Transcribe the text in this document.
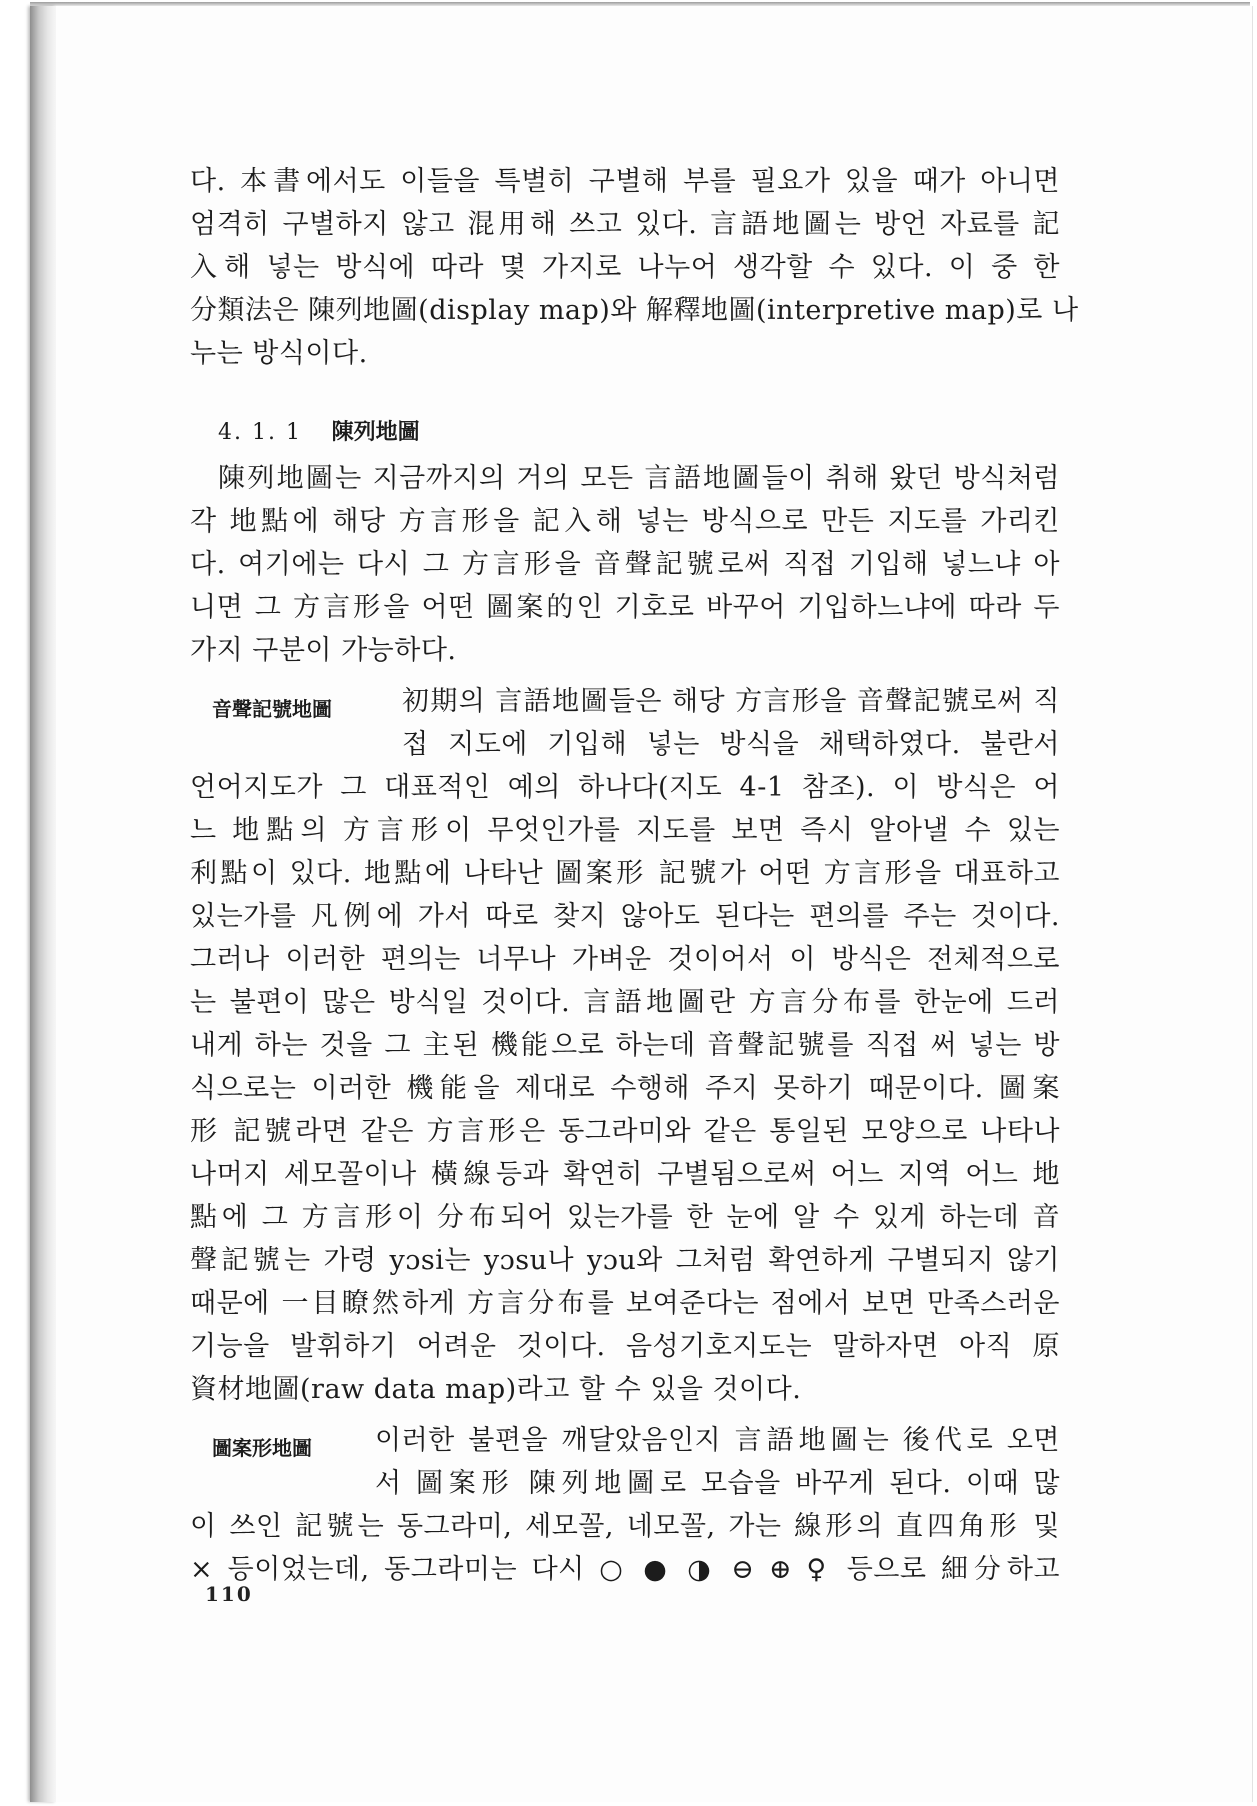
다. 本書에서도 이들을 특별히 구별해 부를 필요가 있을 때가 아니면
엄격히 구별하지 않고 混用해 쓰고 있다. 言語地圖는 방언 자료를 記
入해 넣는 방식에 따라 몇 가지로 나누어 생각할 수 있다. 이 중 한
分類法은 陳列地圖(display map)와 解釋地圖(interpretive map)로 나
누는 방식이다.
4. 1. 1 陳列地圖
陳列地圖는 지금까지의 거의 모든 言語地圖들이 취해 왔던 방식처럼
각 地點에 해당 方言形을 記入해 넣는 방식으로 만든 지도를 가리킨
다. 여기에는 다시 그 方言形을 音聲記號로써 직접 기입해 넣느냐 아
니면 그 方言形을 어떤 圖案的인 기호로 바꾸어 기입하느냐에 따라 두
가지 구분이 가능하다.
音聲記號地圖	初期의 言語地圖들은 해당 方言形을 音聲記號로써 직
접 지도에 기입해 넣는 방식을 채택하였다. 불란서
언어지도가 그 대표적인 예의 하나다(지도 4-1 참조). 이 방식은 어
느 地點의 方言形이 무엇인가를 지도를 보면 즉시 알아낼 수 있는
利點이 있다. 地點에 나타난 圖案形 記號가 어떤 方言形을 대표하고
있는가를 凡例에 가서 따로 찾지 않아도 된다는 편의를 주는 것이다.
그러나 이러한 편의는 너무나 가벼운 것이어서 이 방식은 전체적으로
는 불편이 많은 방식일 것이다. 言語地圖란 方言分布를 한눈에 드러
내게 하는 것을 그 主된 機能으로 하는데 音聲記號를 직접 써 넣는 방
식으로는 이러한 機能을 제대로 수행해 주지 못하기 때문이다. 圖案
形 記號라면 같은 方言形은 동그라미와 같은 통일된 모양으로 나타나
나머지 세모꼴이나 橫線등과 확연히 구별됨으로써 어느 지역 어느 地
點에 그 方言形이 分布되어 있는가를 한 눈에 알 수 있게 하는데 音
聲記號는 가령 yɔsi는 yɔsu나 yɔu와 그처럼 확연하게 구별되지 않기
때문에 一目瞭然하게 方言分布를 보여준다는 점에서 보면 만족스러운
기능을 발휘하기 어려운 것이다. 음성기호지도는 말하자면 아직 原
資材地圖(raw data map)라고 할 수 있을 것이다.
圖案形地圖	이러한 불편을 깨달았음인지 言語地圖는 後代로 오면
서 圖案形 陳列地圖로 모습을 바꾸게 된다. 이때 많
이 쓰인 記號는 동그라미, 세모꼴, 네모꼴, 가는 線形의 直四角形 및
× 등이었는데, 동그라미는 다시 ○ ● ◑ ⊖ ⊕ ♀ 등으로 細分하고
110
